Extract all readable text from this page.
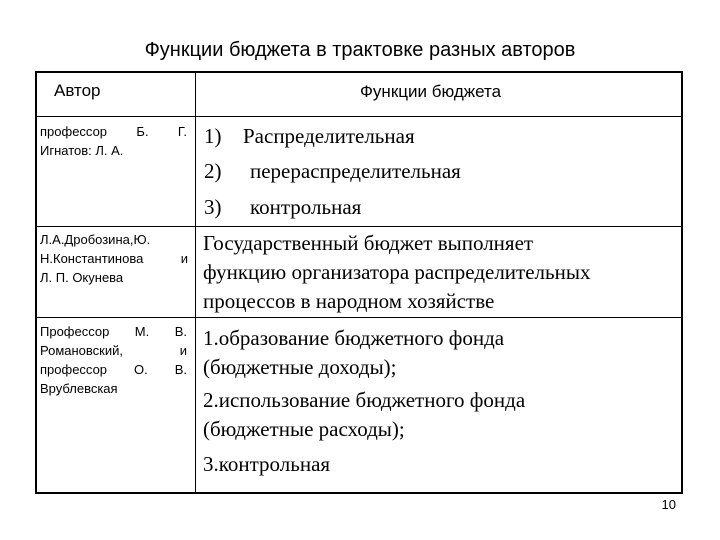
Функции бюджета в трактовке разных авторов
Автор	Функции бюджета
профессор Б. Г.
Игнатов: Л. А.
1) Распределительная
2) перераспределительная
3) контрольная
Л.А.Дробозина,Ю.
Н.Константинова и
Л. П. Окунева
Государственный бюджет выполняет
функцию организатора распределительных
процессов в народном хозяйстве
Профессор М. В.
Романовский, и
профессор О. В.
Врублевская
1.образование бюджетного фонда
(бюджетные доходы);
2.использование бюджетного фонда
(бюджетные расходы);
3.контрольная
10
